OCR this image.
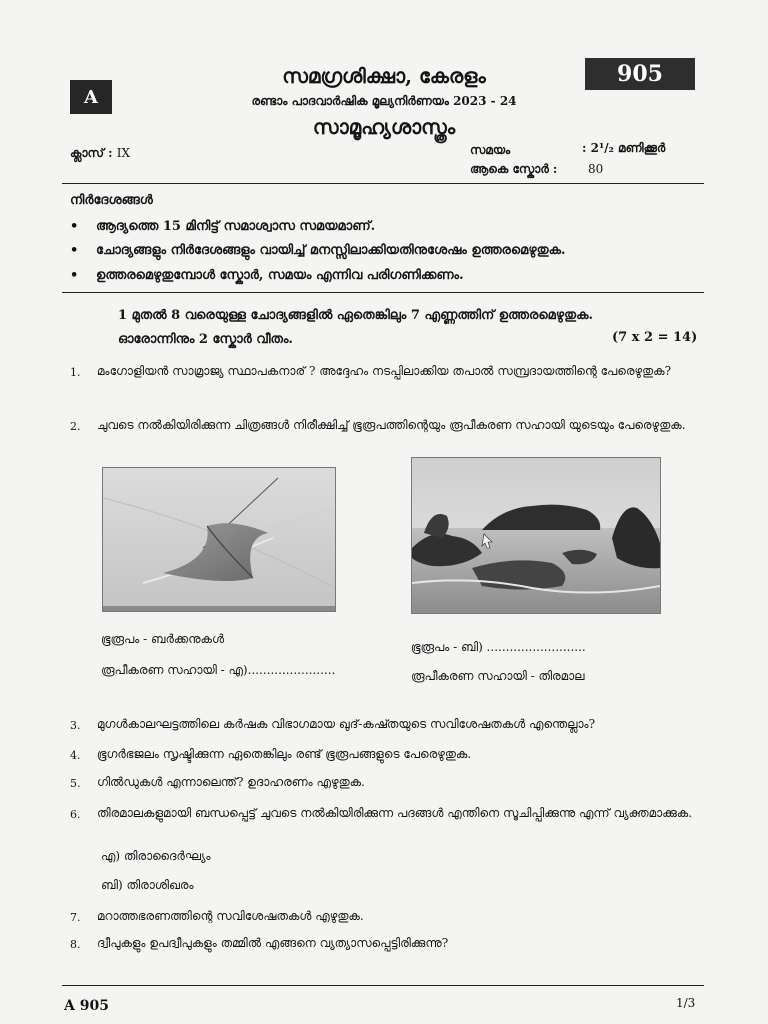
905
A
സമഗ്രശിക്ഷാ, കേരളം
രണ്ടാം പാദവാർഷിക മൂല്യനിർണയം 2023 - 24
സാമൂഹ്യശാസ്ത്രം
ക്ലാസ് : IX	സമയം	: 2¹/₂ മണിക്കൂർ
ആകെ സ്കോർ :	80
നിർദേശങ്ങൾ
• ആദ്യത്തെ 15 മിനിട്ട് സമാശ്വാസ സമയമാണ്.
• ചോദ്യങ്ങളും നിർദേശങ്ങളും വായിച്ച് മനസ്സിലാക്കിയതിനുശേഷം ഉത്തരമെഴുതുക.
• ഉത്തരമെഴുതുമ്പോൾ സ്കോർ, സമയം എന്നിവ പരിഗണിക്കണം.
1 മുതൽ 8 വരെയുള്ള ചോദ്യങ്ങളിൽ ഏതെങ്കിലും 7 എണ്ണത്തിന് ഉത്തരമെഴുതുക.
ഓരോന്നിനും 2 സ്കോർ വീതം.	(7 x 2 = 14)
1. മംഗോളിയൻ സാമ്രാജ്യ സ്ഥാപകനാര് ? അദ്ദേഹം നടപ്പിലാക്കിയ തപാൽ സമ്പ്രദായത്തിന്റെ പേരെഴുതുക?
2. ചുവടെ നൽകിയിരിക്കുന്ന ചിത്രങ്ങൾ നിരീക്ഷിച്ച് ഭൂരൂപത്തിന്റെയും രൂപീകരണ സഹായി യുടെയും പേരെഴുതുക.
ഭൂരൂപം - ബർക്കനുകൾ
രൂപീകരണ സഹായി - എ).......................
ഭൂരൂപം - ബി) ..........................
രൂപീകരണ സഹായി - തിരമാല
3. മുഗൾകാലഘട്ടത്തിലെ കർഷക വിഭാഗമായ ഖുദ്-കഷ്തയുടെ സവിശേഷതകൾ എന്തെല്ലാം?
4. ഭൂഗർഭജലം സൃഷ്ടിക്കുന്ന ഏതെങ്കിലും രണ്ട് ഭൂരൂപങ്ങളുടെ പേരെഴുതുക.
5. ഗിൽഡുകൾ എന്നാലെന്ത്? ഉദാഹരണം എഴുതുക.
6. തിരമാലകളുമായി ബന്ധപ്പെട്ട് ചുവടെ നൽകിയിരിക്കുന്ന പദങ്ങൾ എന്തിനെ സൂചിപ്പിക്കുന്നു എന്ന് വ്യക്തമാക്കുക.
എ) തിരാദൈർഘ്യം
ബി) തിരാശിഖരം
7. മറാത്തഭരണത്തിന്റെ സവിശേഷതകൾ എഴുതുക.
8. ദ്വീപുകളും ഉപദ്വീപുകളും തമ്മിൽ എങ്ങനെ വ്യത്യാസപ്പെട്ടിരിക്കുന്നു?
A 905	1/3
